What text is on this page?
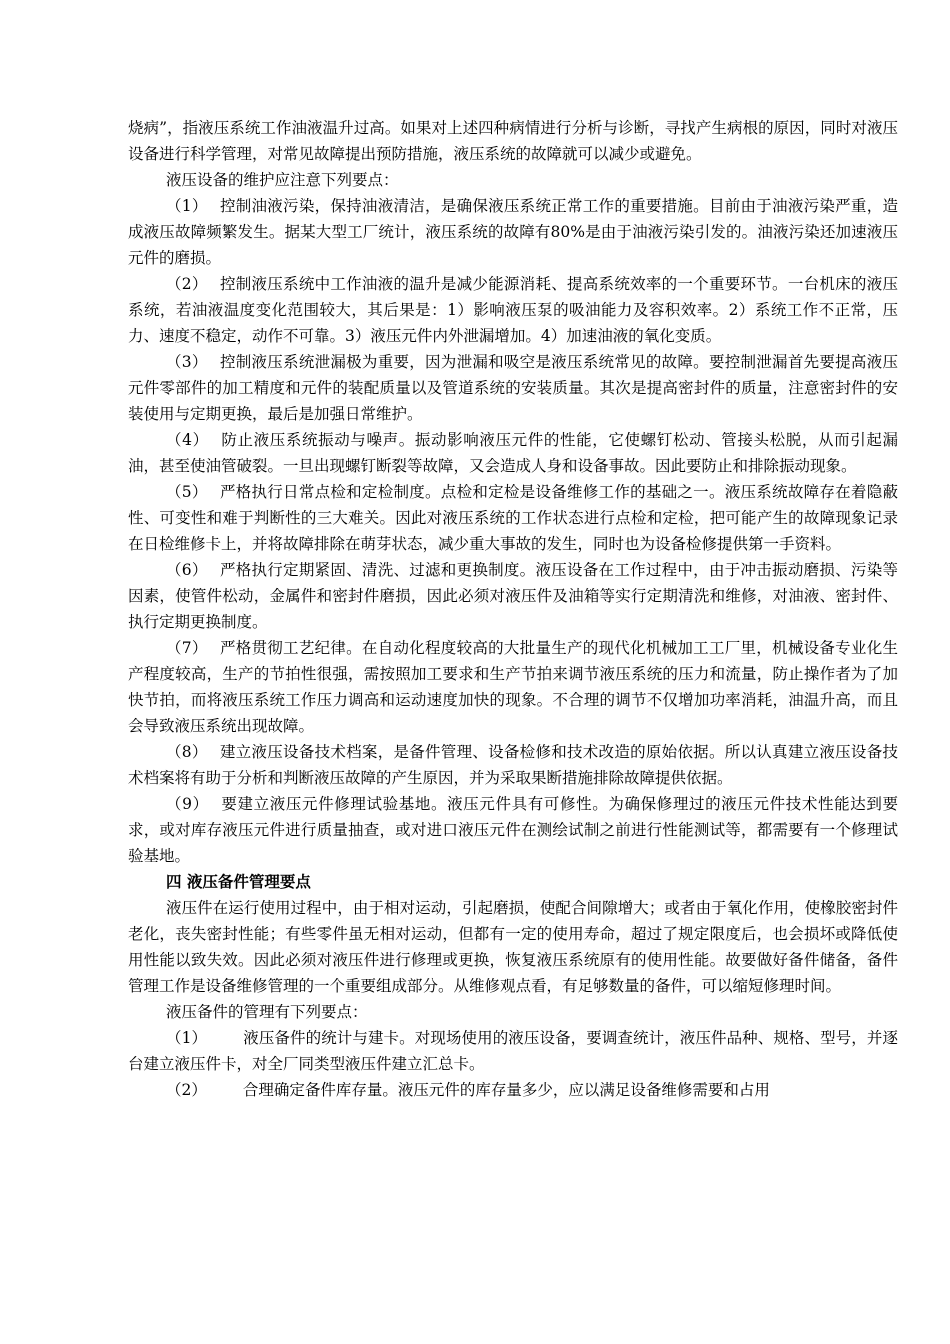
烧病”，指液压系统工作油液温升过高。如果对上述四种病情进行分析与诊断，寻找产生病根的原因，同时对液压设备进行科学管理，对常见故障提出预防措施，液压系统的故障就可以减少或避免。

液压设备的维护应注意下列要点：

（1） 控制油液污染，保持油液清洁，是确保液压系统正常工作的重要措施。目前由于油液污染严重，造成液压故障频繁发生。据某大型工厂统计，液压系统的故障有80%是由于油液污染引发的。油液污染还加速液压元件的磨损。

（2） 控制液压系统中工作油液的温升是减少能源消耗、提高系统效率的一个重要环节。一台机床的液压系统，若油液温度变化范围较大，其后果是：1）影响液压泵的吸油能力及容积效率。2）系统工作不正常，压力、速度不稳定，动作不可靠。3）液压元件内外泄漏增加。4）加速油液的氧化变质。

（3） 控制液压系统泄漏极为重要，因为泄漏和吸空是液压系统常见的故障。要控制泄漏首先要提高液压元件零部件的加工精度和元件的装配质量以及管道系统的安装质量。其次是提高密封件的质量，注意密封件的安装使用与定期更换，最后是加强日常维护。

（4） 防止液压系统振动与噪声。振动影响液压元件的性能，它使螺钉松动、管接头松脱，从而引起漏油，甚至使油管破裂。一旦出现螺钉断裂等故障，又会造成人身和设备事故。因此要防止和排除振动现象。

（5） 严格执行日常点检和定检制度。点检和定检是设备维修工作的基础之一。液压系统故障存在着隐蔽性、可变性和难于判断性的三大难关。因此对液压系统的工作状态进行点检和定检，把可能产生的故障现象记录在日检维修卡上，并将故障排除在萌芽状态，减少重大事故的发生，同时也为设备检修提供第一手资料。

（6） 严格执行定期紧固、清洗、过滤和更换制度。液压设备在工作过程中，由于冲击振动磨损、污染等因素，使管件松动，金属件和密封件磨损，因此必须对液压件及油箱等实行定期清洗和维修，对油液、密封件、执行定期更换制度。

（7） 严格贯彻工艺纪律。在自动化程度较高的大批量生产的现代化机械加工工厂里，机械设备专业化生产程度较高，生产的节拍性很强，需按照加工要求和生产节拍来调节液压系统的压力和流量，防止操作者为了加快节拍，而将液压系统工作压力调高和运动速度加快的现象。不合理的调节不仅增加功率消耗，油温升高，而且会导致液压系统出现故障。

（8） 建立液压设备技术档案，是备件管理、设备检修和技术改造的原始依据。所以认真建立液压设备技术档案将有助于分析和判断液压故障的产生原因，并为采取果断措施排除故障提供依据。

（9） 要建立液压元件修理试验基地。液压元件具有可修性。为确保修理过的液压元件技术性能达到要求，或对库存液压元件进行质量抽查，或对进口液压元件在测绘试制之前进行性能测试等，都需要有一个修理试验基地。

四 液压备件管理要点

液压件在运行使用过程中，由于相对运动，引起磨损，使配合间隙增大；或者由于氧化作用，使橡胶密封件老化，丧失密封性能；有些零件虽无相对运动，但都有一定的使用寿命，超过了规定限度后，也会损坏或降低使用性能以致失效。因此必须对液压件进行修理或更换，恢复液压系统原有的使用性能。故要做好备件储备，备件管理工作是设备维修管理的一个重要组成部分。从维修观点看，有足够数量的备件，可以缩短修理时间。

液压备件的管理有下列要点：

（1） 液压备件的统计与建卡。对现场使用的液压设备，要调查统计，液压件品种、规格、型号，并逐台建立液压件卡，对全厂同类型液压件建立汇总卡。

（2） 合理确定备件库存量。液压元件的库存量多少，应以满足设备维修需要和占用
